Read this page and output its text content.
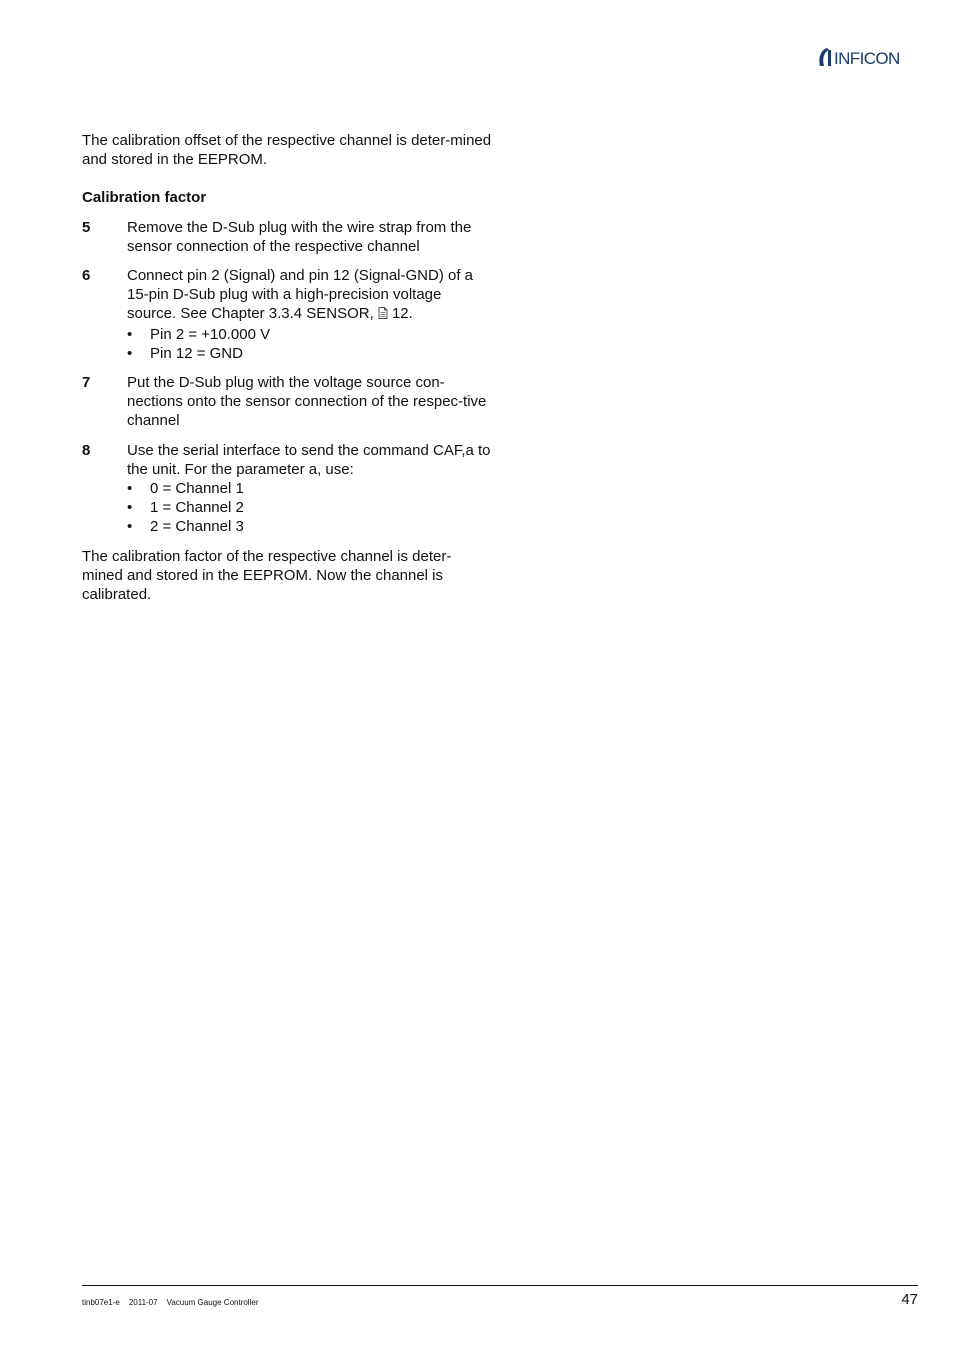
INFICON

The calibration offset of the respective channel is deter-mined and stored in the EEPROM.

Calibration factor

5	Remove the D-Sub plug with the wire strap from the sensor connection of the respective channel
6	Connect pin 2 (Signal) and pin 12 (Signal-GND) of a 15-pin D-Sub plug with a high-precision voltage source. See Chapter 3.3.4 SENSOR, 12.
•	Pin 2 = +10.000 V
•	Pin 12 = GND
7	Put the D-Sub plug with the voltage source con-nections onto the sensor connection of the respec-tive channel
8	Use the serial interface to send the command CAF,a to the unit. For the parameter a, use:
•	0 = Channel 1
•	1 = Channel 2
•	2 = Channel 3

The calibration factor of the respective channel is deter-mined and stored in the EEPROM. Now the channel is calibrated.

tinb07e1-e 2011-07 Vacuum Gauge Controller	47
